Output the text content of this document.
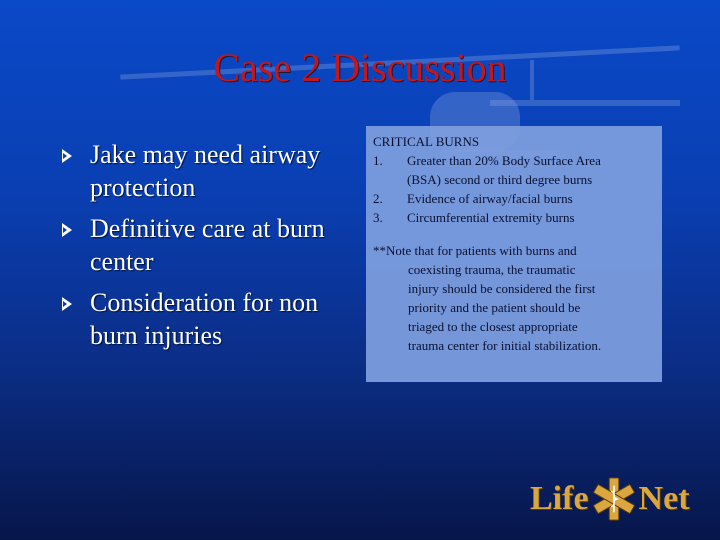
Case 2 Discussion
Jake may need airway protection
Definitive care at burn center
Consideration for non burn injuries
CRITICAL BURNS
1.	Greater than 20% Body Surface Area
(BSA) second or third degree burns
2.	Evidence of airway/facial burns
3.	Circumferential extremity burns
**Note that for patients with burns and
coexisting trauma, the traumatic
injury should be considered the first
priority and the patient should be
triaged to the closest appropriate
trauma center for initial stabilization.
Life Net
